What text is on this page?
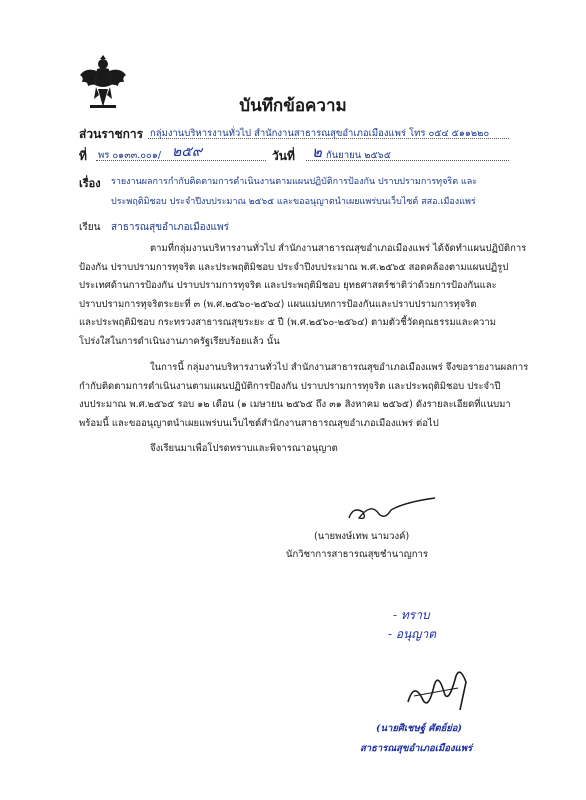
บันทึกข้อความ
ส่วนราชการ กลุ่มงานบริหารงานทั่วไป สำนักงานสาธารณสุขอำเภอเมืองแพร่ โทร ๐๕๔ ๕๑๑๒๒๐
ที่ พร ๐๑๓๓.๐๐๑/ ๒๕๙	วันที่ ๒ กันยายน ๒๕๖๕
เรื่อง รายงานผลการกำกับติดตามการดำเนินงานตามแผนปฏิบัติการป้องกัน ปราบปรามการทุจริต และ
ประพฤติมิชอบ ประจำปีงบประมาณ ๒๕๖๕ และขออนุญาตนำเผยแพร่บนเว็บไซต์ สสอ.เมืองแพร่
เรียน สาธารณสุขอำเภอเมืองแพร่
ตามที่กลุ่มงานบริหารงานทั่วไป สำนักงานสาธารณสุขอำเภอเมืองแพร่ ได้จัดทำแผนปฏิบัติการ
ป้องกัน ปราบปรามการทุจริต และประพฤติมิชอบ ประจำปีงบประมาณ พ.ศ.๒๕๖๕ สอดคล้องตามแผนปฏิรูป
ประเทศด้านการป้องกัน ปราบปรามการทุจริต และประพฤติมิชอบ ยุทธศาสตร์ชาติว่าด้วยการป้องกันและ
ปราบปรามการทุจริตระยะที่ ๓ (พ.ศ.๒๕๖๐-๒๕๖๔) แผนแม่บทการป้องกันและปราบปรามการทุจริต
และประพฤติมิชอบ กระทรวงสาธารณสุขระยะ ๕ ปี (พ.ศ.๒๕๖๐-๒๕๖๔) ตามตัวชี้วัดคุณธรรมและความ
โปร่งใสในการดำเนินงานภาครัฐเรียบร้อยแล้ว นั้น
ในการนี้ กลุ่มงานบริหารงานทั่วไป สำนักงานสาธารณสุขอำเภอเมืองแพร่ จึงขอรายงานผลการ
กำกับติดตามการดำเนินงานตามแผนปฏิบัติการป้องกัน ปราบปรามการทุจริต และประพฤติมิชอบ ประจำปี
งบประมาณ พ.ศ.๒๕๖๕ รอบ ๑๒ เดือน (๑ เมษายน ๒๕๖๕ ถึง ๓๑ สิงหาคม ๒๕๖๕) ดังรายละเอียดที่แนบมา
พร้อมนี้ และขออนุญาตนำเผยแพร่บนเว็บไซต์สำนักงานสาธารณสุขอำเภอเมืองแพร่ ต่อไป
จึงเรียนมาเพื่อโปรดทราบและพิจารณาอนุญาต
(นายพงษ์เทพ นามวงค์)
นักวิชาการสาธารณสุขชำนาญการ
- ทราบ
- อนุญาต
(นายศิเชษฐ์ ศัตย์ย่อ)
สาธารณสุขอำเภอเมืองแพร่
